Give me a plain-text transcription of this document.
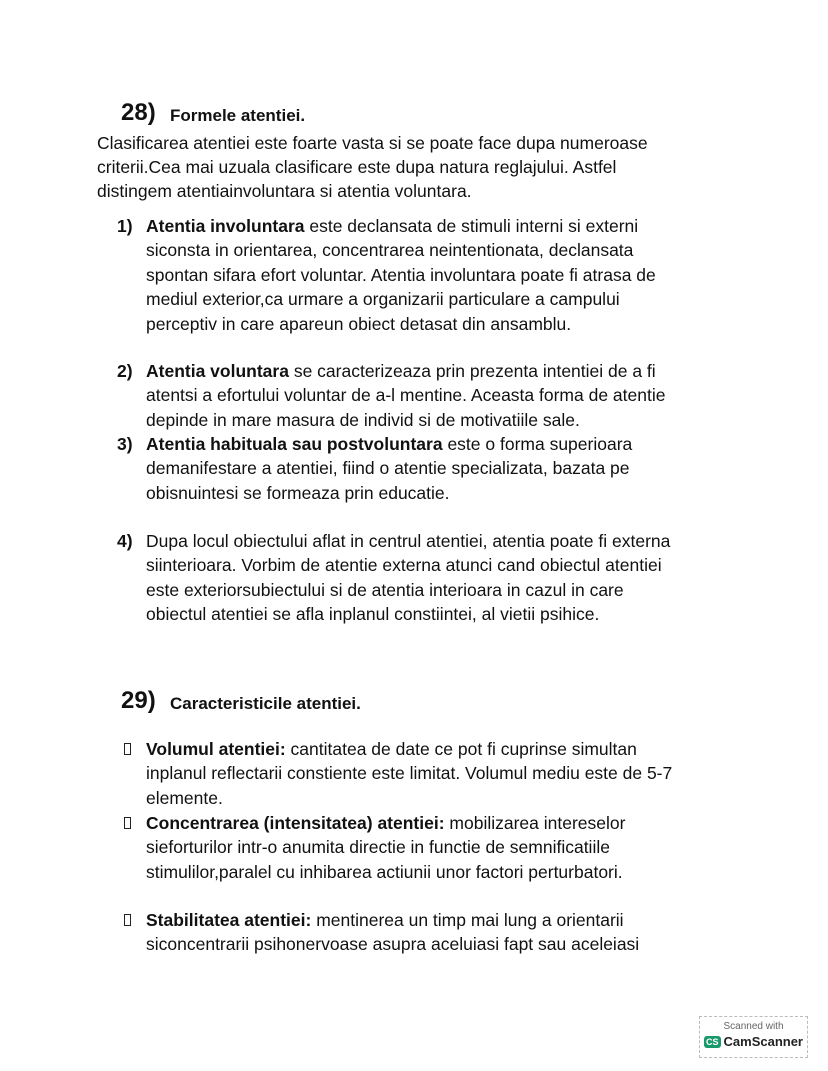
28) Formele atentiei.
Clasificarea atentiei este foarte vasta si se poate face dupa numeroase
criterii.Cea mai uzuala clasificare este dupa natura reglajului. Astfel
distingem atentiainvoluntara si atentia voluntara.
1) Atentia involuntara este declansata de stimuli interni si externi
siconsta in orientarea, concentrarea neintentionata, declansata
spontan sifara efort voluntar. Atentia involuntara poate fi atrasa de
mediul exterior,ca urmare a organizarii particulare a campului
perceptiv in care apareun obiect detasat din ansamblu.
2) Atentia voluntara se caracterizeaza prin prezenta intentiei de a fi
atentsi a efortului voluntar de a-l mentine. Aceasta forma de atentie
depinde in mare masura de individ si de motivatiile sale.
3) Atentia habituala sau postvoluntara este o forma superioara
demanifestare a atentiei, fiind o atentie specializata, bazata pe
obisnuintesi se formeaza prin educatie.
4) Dupa locul obiectului aflat in centrul atentiei, atentia poate fi externa
siinterioara. Vorbim de atentie externa atunci cand obiectul atentiei
este exteriorsubiectului si de atentia interioara in cazul in care
obiectul atentiei se afla inplanul constiintei, al vietii psihice.
29) Caracteristicile atentiei.
Volumul atentiei: cantitatea de date ce pot fi cuprinse simultan
inplanul reflectarii constiente este limitat. Volumul mediu este de 5-7
elemente.
Concentrarea (intensitatea) atentiei: mobilizarea intereselor
sieforturilor intr-o anumita directie in functie de semnificatiile
stimulilor,paralel cu inhibarea actiunii unor factori perturbatori.
Stabilitatea atentiei: mentinerea un timp mai lung a orientarii
siconcentrarii psihonervoase asupra aceluiasi fapt sau aceleiasi
Scanned with
CS CamScanner
